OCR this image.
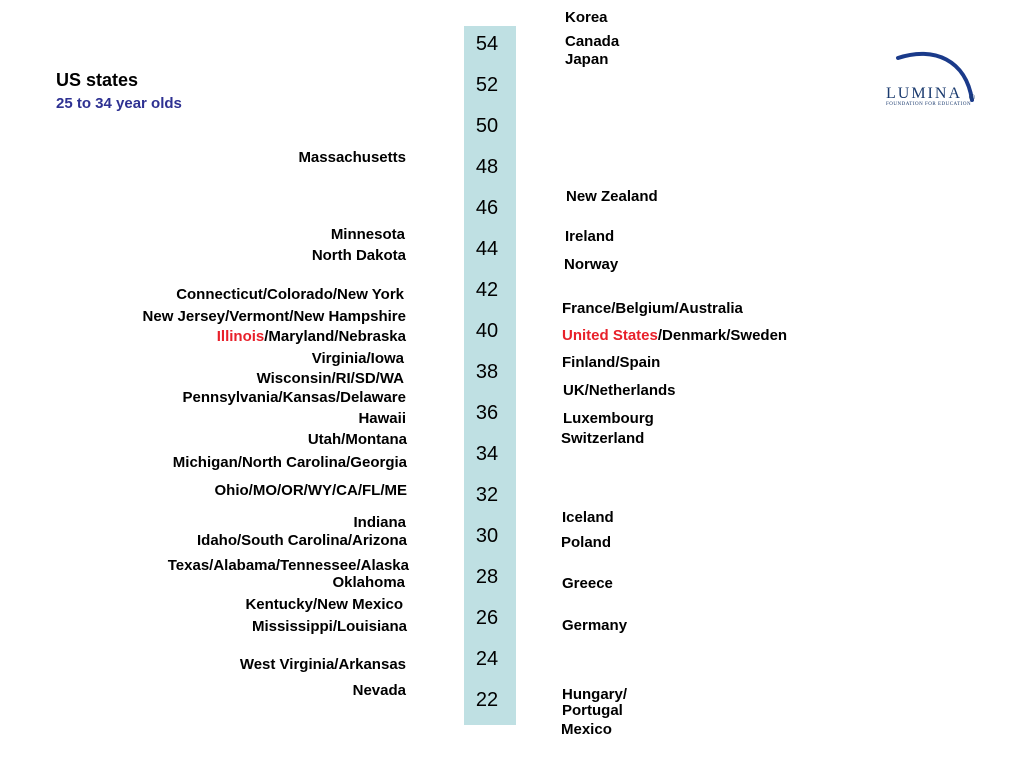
US states
25 to 34 year olds
54
52
50
48
46
44
42
40
38
36
34
32
30
28
26
24
22
Massachusetts
Minnesota
North Dakota
Connecticut/Colorado/New York
New Jersey/Vermont/New Hampshire
Illinois/Maryland/Nebraska
Virginia/Iowa
Wisconsin/RI/SD/WA
Pennsylvania/Kansas/Delaware
Hawaii
Utah/Montana
Michigan/North Carolina/Georgia
Ohio/MO/OR/WY/CA/FL/ME
Indiana
Idaho/South Carolina/Arizona
Texas/Alabama/Tennessee/Alaska
Oklahoma
Kentucky/New Mexico
Mississippi/Louisiana
West Virginia/Arkansas
Nevada
Korea
Canada
Japan
New Zealand
Ireland
Norway
France/Belgium/Australia
United States/Denmark/Sweden
Finland/Spain
UK/Netherlands
Luxembourg
Switzerland
Iceland
Poland
Greece
Germany
Hungary/
Portugal
Mexico
LUMINA
FOUNDATION FOR EDUCATION
®
